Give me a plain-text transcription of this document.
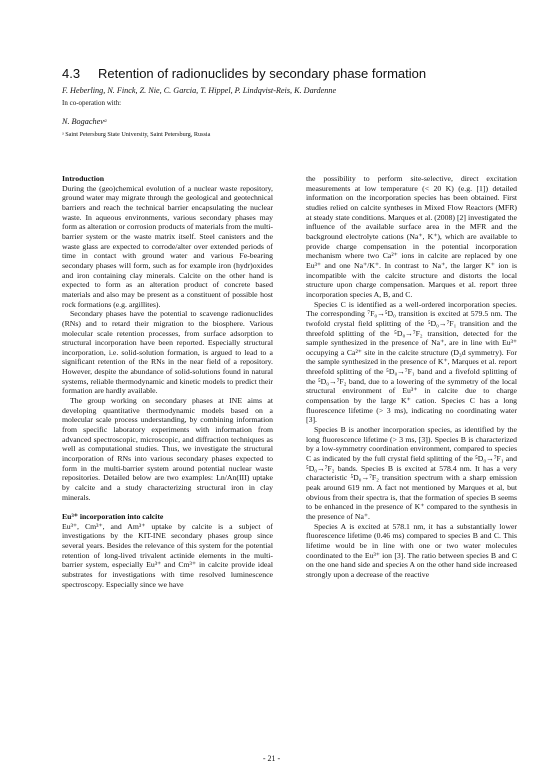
4.3 Retention of radionuclides by secondary phase formation
F. Heberling, N. Finck, Z. Nie, C. Garcia, T. Hippel, P. Lindqvist-Reis, K. Dardenne
In co-operation with:
N. Bogachevᵃ
ᵃ Saint Petersburg State University, Saint Petersburg, Russia

Introduction

During the (geo)chemical evolution of a nuclear waste repository, ground water may migrate through the geological and geotechnical barriers and reach the technical barrier encapsulating the nuclear waste. In aqueous environments, various secondary phases may form as alteration or corrosion products of materials from the multi-barrier system or the waste matrix itself. Steel canisters and the waste glass are expected to corrode/alter over extended periods of time in contact with ground water and various Fe-bearing secondary phases will form, such as for example iron (hydr)oxides and iron containing clay minerals. Calcite on the other hand is expected to form as an alteration product of concrete based materials and also may be present as a constituent of possible host rock formations (e.g. argillites).

Secondary phases have the potential to scavenge radionuclides (RNs) and to retard their migration to the biosphere. Various molecular scale retention processes, from surface adsorption to structural incorporation have been reported. Especially structural incorporation, i.e. solid-solution formation, is argued to lead to a significant retention of the RNs in the near field of a repository. However, despite the abundance of solid-solutions found in natural systems, reliable thermodynamic and kinetic models to predict their formation are hardly available.

The group working on secondary phases at INE aims at developing quantitative thermodynamic models based on a molecular scale process understanding, by combining information from specific laboratory experiments with information from advanced spectroscopic, microscopic, and diffraction techniques as well as computational studies. Thus, we investigate the structural incorporation of RNs into various secondary phases expected to form in the multi-barrier system around potential nuclear waste repositories. Detailed below are two examples: Ln/An(III) uptake by calcite and a study characterizing structural iron in clay minerals.

Eu³⁺ incorporation into calcite

Eu³⁺, Cm³⁺, and Am³⁺ uptake by calcite is a subject of investigations by the KIT-INE secondary phases group since several years. Besides the relevance of this system for the potential retention of long-lived trivalent actinide elements in the multi-barrier system, especially Eu³⁺ and Cm³⁺ in calcite provide ideal substrates for investigations with time resolved luminescence spectroscopy. Especially since we have

the possibility to perform site-selective, direct excitation measurements at low temperature (< 20 K) (e.g. [1]) detailed information on the incorporation species has been obtained. First studies relied on calcite syntheses in Mixed Flow Reactors (MFR) at steady state conditions. Marques et al. (2008) [2] investigated the influence of the available surface area in the MFR and the background electrolyte cations (Na⁺, K⁺), which are available to provide charge compensation in the potential incorporation mechanism where two Ca²⁺ ions in calcite are replaced by one Eu³⁺ and one Na⁺/K⁺. In contrast to Na⁺, the larger K⁺ ion is incompatible with the calcite structure and distorts the local structure upon charge compensation. Marques et al. report three incorporation species A, B, and C.

Species C is identified as a well-ordered incorporation species. The corresponding ⁷F₀→⁵D₀ transition is excited at 579.5 nm. The twofold crystal field splitting of the ⁵D₀→⁷F₁ transition and the threefold splitting of the ⁵D₀→⁷F₂ transition, detected for the sample synthesized in the presence of Na⁺, are in line with Eu³⁺ occupying a Ca²⁺ site in the calcite structure (D₃d symmetry). For the sample synthesized in the presence of K⁺, Marques et al. report threefold splitting of the ⁵D₀→⁷F₁ band and a fivefold splitting of the ⁵D₀→⁷F₂ band, due to a lowering of the symmetry of the local structural environment of Eu³⁺ in calcite due to charge compensation by the large K⁺ cation. Species C has a long fluorescence lifetime (> 3 ms), indicating no coordinating water [3].

Species B is another incorporation species, as identified by the long fluorescence lifetime (> 3 ms, [3]). Species B is characterized by a low-symmetry coordination environment, compared to species C as indicated by the full crystal field splitting of the ⁵D₀→⁷F₁ and ⁵D₀→⁷F₂ bands. Species B is excited at 578.4 nm. It has a very characteristic ⁵D₀→⁷F₂ transition spectrum with a sharp emission peak around 619 nm. A fact not mentioned by Marques et al, but obvious from their spectra is, that the formation of species B seems to be enhanced in the presence of K⁺ compared to the synthesis in the presence of Na⁺.

Species A is excited at 578.1 nm, it has a substantially lower fluorescence lifetime (0.46 ms) compared to species B and C. This lifetime would be in line with one or two water molecules coordinated to the Eu³⁺ ion [3]. The ratio between species B and C on the one hand side and species A on the other hand side increased strongly upon a decrease of the reactive

- 21 -
